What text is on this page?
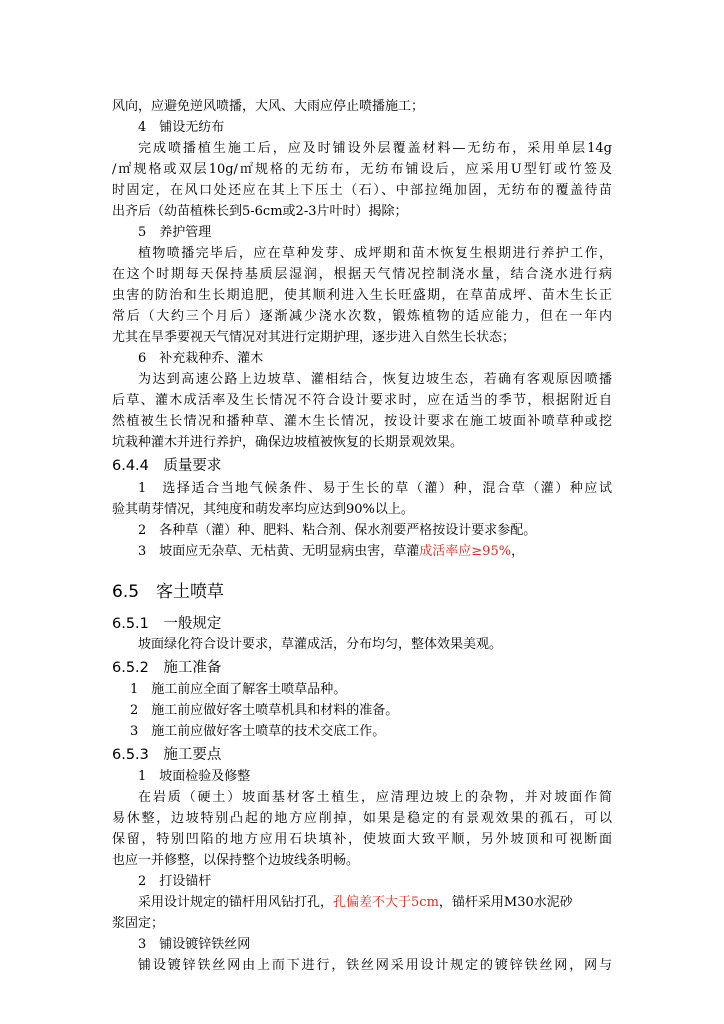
风向，应避免逆风喷播，大风、大雨应停止喷播施工；
4　铺设无纺布
完成喷播植生施工后，应及时铺设外层覆盖材料—无纺布，采用单层14g
/㎡规格或双层10g/㎡规格的无纺布，无纺布铺设后，应采用U型钉或竹签及
时固定，在风口处还应在其上下压土（石）、中部拉绳加固，无纺布的覆盖待苗
出齐后（幼苗植株长到5-6cm或2-3片叶时）揭除；
5　养护管理
植物喷播完毕后，应在草种发芽、成坪期和苗木恢复生根期进行养护工作，
在这个时期每天保持基质层湿润，根据天气情况控制浇水量，结合浇水进行病
虫害的防治和生长期追肥，使其顺利进入生长旺盛期，在草苗成坪、苗木生长正
常后（大约三个月后）逐渐减少浇水次数，锻炼植物的适应能力，但在一年内
尤其在旱季要视天气情况对其进行定期护理，逐步进入自然生长状态；
6　补充栽种乔、灌木
为达到高速公路上边坡草、灌相结合，恢复边坡生态，若确有客观原因喷播
后草、灌木成活率及生长情况不符合设计要求时，应在适当的季节，根据附近自
然植被生长情况和播种草、灌木生长情况，按设计要求在施工坡面补喷草种或挖
坑栽种灌木并进行养护，确保边坡植被恢复的长期景观效果。
6.4.4　质量要求
1　选择适合当地气候条件、易于生长的草（灌）种，混合草（灌）种应试
验其萌芽情况，其纯度和萌发率均应达到90%以上。
2　各种草（灌）种、肥料、粘合剂、保水剂要严格按设计要求参配。
3　坡面应无杂草、无枯黄、无明显病虫害，草灌成活率应≥95%，
6.5　客土喷草
6.5.1　一般规定
坡面绿化符合设计要求，草灌成活，分布均匀，整体效果美观。
6.5.2　施工准备
1　施工前应全面了解客土喷草品种。
2　施工前应做好客土喷草机具和材料的准备。
3　施工前应做好客土喷草的技术交底工作。
6.5.3　施工要点
1　坡面检验及修整
在岩质（硬土）坡面基材客土植生，应清理边坡上的杂物，并对坡面作简
易休整，边坡特别凸起的地方应削掉，如果是稳定的有景观效果的孤石，可以
保留，特别凹陷的地方应用石块填补，使坡面大致平顺，另外坡顶和可视断面
也应一并修整，以保持整个边坡线条明畅。
2　打设锚杆
采用设计规定的锚杆用风钻打孔，孔偏差不大于5cm，锚杆采用M30水泥砂
浆固定；
3　铺设镀锌铁丝网
铺设镀锌铁丝网由上而下进行，铁丝网采用设计规定的镀锌铁丝网，网与
